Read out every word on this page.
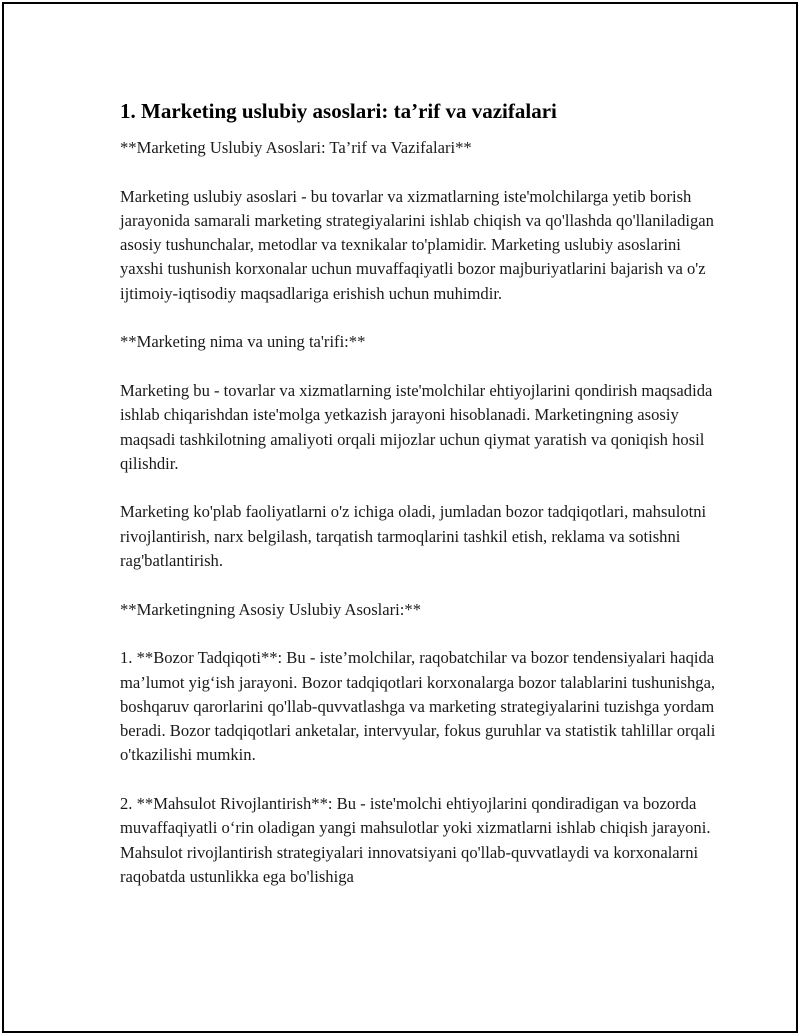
1. Marketing uslubiy asoslari: ta’rif va vazifalari

**Marketing Uslubiy Asoslari: Ta’rif va Vazifalari**

Marketing uslubiy asoslari - bu tovarlar va xizmatlarning iste'molchilarga yetib borish jarayonida samarali marketing strategiyalarini ishlab chiqish va qo'llashda qo'llaniladigan asosiy tushunchalar, metodlar va texnikalar to'plamidir. Marketing uslubiy asoslarini yaxshi tushunish korxonalar uchun muvaffaqiyatli bozor majburiyatlarini bajarish va o'z ijtimoiy-iqtisodiy maqsadlariga erishish uchun muhimdir.

**Marketing nima va uning ta'rifi:**

Marketing bu - tovarlar va xizmatlarning iste'molchilar ehtiyojlarini qondirish maqsadida ishlab chiqarishdan iste'molga yetkazish jarayoni hisoblanadi. Marketingning asosiy maqsadi tashkilotning amaliyoti orqali mijozlar uchun qiymat yaratish va qoniqish hosil qilishdir.

Marketing ko'plab faoliyatlarni o'z ichiga oladi, jumladan bozor tadqiqotlari, mahsulotni rivojlantirish, narx belgilash, tarqatish tarmoqlarini tashkil etish, reklama va sotishni rag'batlantirish.

**Marketingning Asosiy Uslubiy Asoslari:**

1. **Bozor Tadqiqoti**: Bu - iste’molchilar, raqobatchilar va bozor tendensiyalari haqida ma’lumot yig‘ish jarayoni. Bozor tadqiqotlari korxonalarga bozor talablarini tushunishga, boshqaruv qarorlarini qo'llab-quvvatlashga va marketing strategiyalarini tuzishga yordam beradi. Bozor tadqiqotlari anketalar, intervyular, fokus guruhlar va statistik tahlillar orqali o'tkazilishi mumkin.

2. **Mahsulot Rivojlantirish**: Bu - iste'molchi ehtiyojlarini qondiradigan va bozorda muvaffaqiyatli o‘rin oladigan yangi mahsulotlar yoki xizmatlarni ishlab chiqish jarayoni. Mahsulot rivojlantirish strategiyalari innovatsiyani qo'llab-quvvatlaydi va korxonalarni raqobatda ustunlikka ega bo'lishiga
